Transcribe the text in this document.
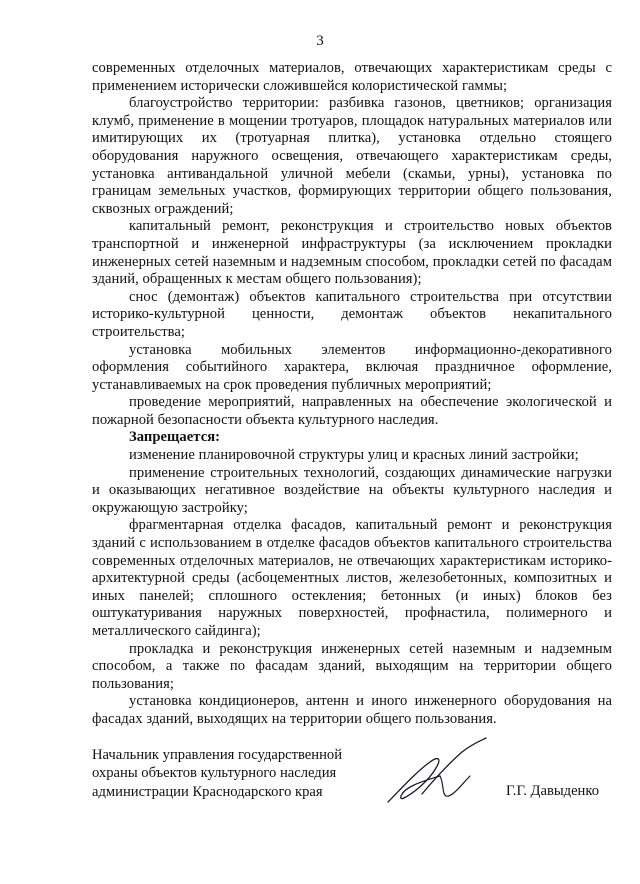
3

современных отделочных материалов, отвечающих характеристикам среды с применением исторически сложившейся колористической гаммы;

благоустройство территории: разбивка газонов, цветников; организация клумб, применение в мощении тротуаров, площадок натуральных материалов или имитирующих их (тротуарная плитка), установка отдельно стоящего оборудования наружного освещения, отвечающего характеристикам среды, установка антивандальной уличной мебели (скамьи, урны), установка по границам земельных участков, формирующих территории общего пользования, сквозных ограждений;

капитальный ремонт, реконструкция и строительство новых объектов транспортной и инженерной инфраструктуры (за исключением прокладки инженерных сетей наземным и надземным способом, прокладки сетей по фасадам зданий, обращенных к местам общего пользования);

снос (демонтаж) объектов капитального строительства при отсутствии историко-культурной ценности, демонтаж объектов некапитального строительства;

установка мобильных элементов информационно-декоративного оформления событийного характера, включая праздничное оформление, устанавливаемых на срок проведения публичных мероприятий;

проведение мероприятий, направленных на обеспечение экологической и пожарной безопасности объекта культурного наследия.

Запрещается:

изменение планировочной структуры улиц и красных линий застройки;

применение строительных технологий, создающих динамические нагрузки и оказывающих негативное воздействие на объекты культурного наследия и окружающую застройку;

фрагментарная отделка фасадов, капитальный ремонт и реконструкция зданий с использованием в отделке фасадов объектов капитального строительства современных отделочных материалов, не отвечающих характеристикам историко-архитектурной среды (асбоцементных листов, железобетонных, композитных и иных панелей; сплошного остекления; бетонных (и иных) блоков без оштукатуривания наружных поверхностей, профнастила, полимерного и металлического сайдинга);

прокладка и реконструкция инженерных сетей наземным и надземным способом, а также по фасадам зданий, выходящим на территории общего пользования;

установка кондиционеров, антенн и иного инженерного оборудования на фасадах зданий, выходящих на территории общего пользования.

Начальник управления государственной
охраны объектов культурного наследия
администрации Краснодарского края	Г.Г. Давыденко
